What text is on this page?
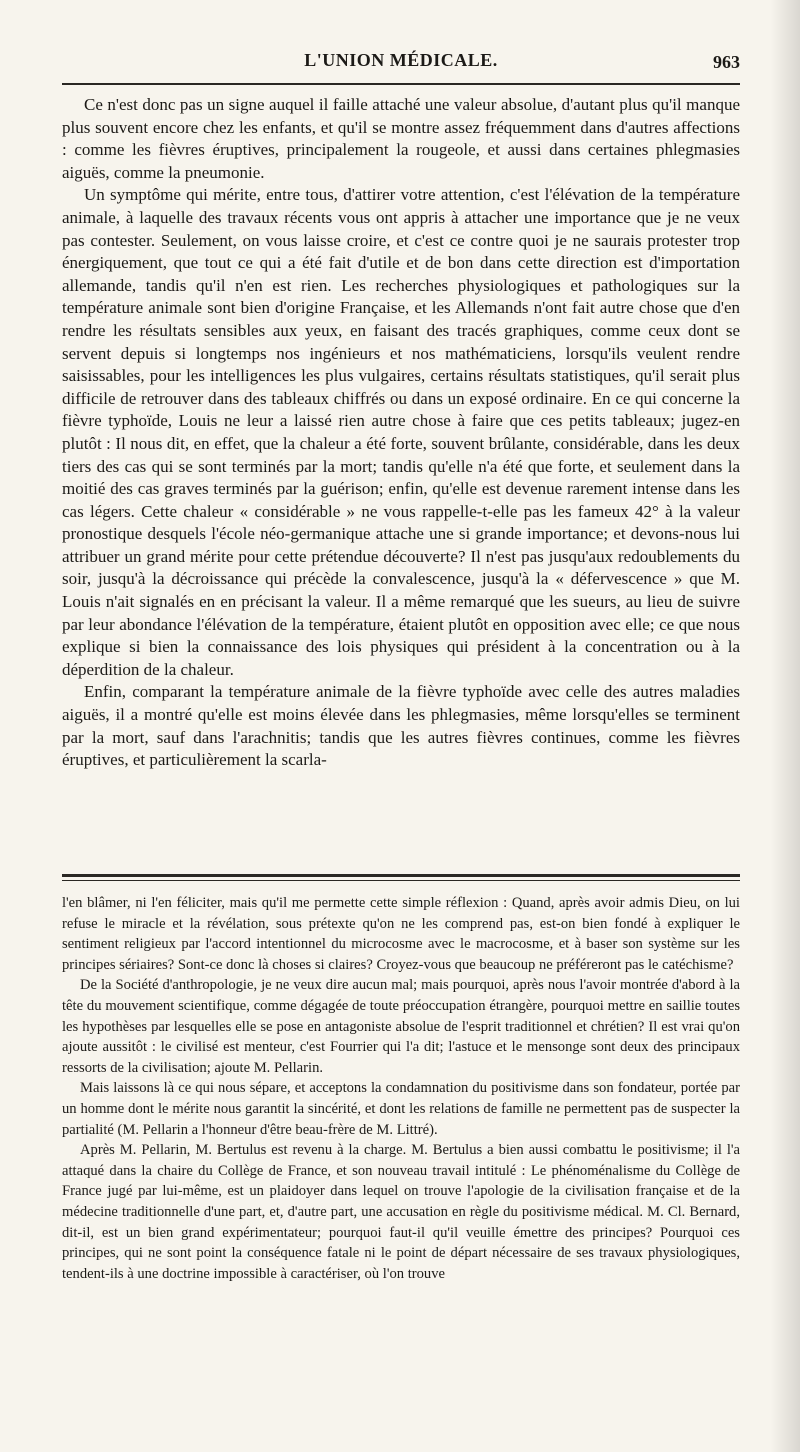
L'UNION MÉDICALE.	963

Ce n'est donc pas un signe auquel il faille attaché une valeur absolue, d'autant plus qu'il manque plus souvent encore chez les enfants, et qu'il se montre assez fréquemment dans d'autres affections : comme les fièvres éruptives, principalement la rougeole, et aussi dans certaines phlegmasies aiguës, comme la pneumonie.

Un symptôme qui mérite, entre tous, d'attirer votre attention, c'est l'élévation de la température animale, à laquelle des travaux récents vous ont appris à attacher une importance que je ne veux pas contester. Seulement, on vous laisse croire, et c'est ce contre quoi je ne saurais protester trop énergiquement, que tout ce qui a été fait d'utile et de bon dans cette direction est d'importation allemande, tandis qu'il n'en est rien. Les recherches physiologiques et pathologiques sur la température animale sont bien d'origine Française, et les Allemands n'ont fait autre chose que d'en rendre les résultats sensibles aux yeux, en faisant des tracés graphiques, comme ceux dont se servent depuis si longtemps nos ingénieurs et nos mathématiciens, lorsqu'ils veulent rendre saisissables, pour les intelligences les plus vulgaires, certains résultats statistiques, qu'il serait plus difficile de retrouver dans des tableaux chiffrés ou dans un exposé ordinaire. En ce qui concerne la fièvre typhoïde, Louis ne leur a laissé rien autre chose à faire que ces petits tableaux; jugez-en plutôt : Il nous dit, en effet, que la chaleur a été forte, souvent brûlante, considérable, dans les deux tiers des cas qui se sont terminés par la mort; tandis qu'elle n'a été que forte, et seulement dans la moitié des cas graves terminés par la guérison; enfin, qu'elle est devenue rarement intense dans les cas légers. Cette chaleur « considérable » ne vous rappelle-t-elle pas les fameux 42° à la valeur pronostique desquels l'école néo-germanique attache une si grande importance; et devons-nous lui attribuer un grand mérite pour cette prétendue découverte? Il n'est pas jusqu'aux redoublements du soir, jusqu'à la décroissance qui précède la convalescence, jusqu'à la « défervescence » que M. Louis n'ait signalés en en précisant la valeur. Il a même remarqué que les sueurs, au lieu de suivre par leur abondance l'élévation de la température, étaient plutôt en opposition avec elle; ce que nous explique si bien la connaissance des lois physiques qui président à la concentration ou à la déperdition de la chaleur.

Enfin, comparant la température animale de la fièvre typhoïde avec celle des autres maladies aiguës, il a montré qu'elle est moins élevée dans les phlegmasies, même lorsqu'elles se terminent par la mort, sauf dans l'arachnitis; tandis que les autres fièvres continues, comme les fièvres éruptives, et particulièrement la scarla-

l'en blâmer, ni l'en féliciter, mais qu'il me permette cette simple réflexion : Quand, après avoir admis Dieu, on lui refuse le miracle et la révélation, sous prétexte qu'on ne les comprend pas, est-on bien fondé à expliquer le sentiment religieux par l'accord intentionnel du microcosme avec le macrocosme, et à baser son système sur les principes sériaires? Sont-ce donc là choses si claires? Croyez-vous que beaucoup ne préféreront pas le catéchisme?

De la Société d'anthropologie, je ne veux dire aucun mal; mais pourquoi, après nous l'avoir montrée d'abord à la tête du mouvement scientifique, comme dégagée de toute préoccupation étrangère, pourquoi mettre en saillie toutes les hypothèses par lesquelles elle se pose en antagoniste absolue de l'esprit traditionnel et chrétien? Il est vrai qu'on ajoute aussitôt : le civilisé est menteur, c'est Fourrier qui l'a dit; l'astuce et le mensonge sont deux des principaux ressorts de la civilisation; ajoute M. Pellarin.

Mais laissons là ce qui nous sépare, et acceptons la condamnation du positivisme dans son fondateur, portée par un homme dont le mérite nous garantit la sincérité, et dont les relations de famille ne permettent pas de suspecter la partialité (M. Pellarin a l'honneur d'être beau-frère de M. Littré).

Après M. Pellarin, M. Bertulus est revenu à la charge. M. Bertulus a bien aussi combattu le positivisme; il l'a attaqué dans la chaire du Collège de France, et son nouveau travail intitulé : Le phénoménalisme du Collège de France jugé par lui-même, est un plaidoyer dans lequel on trouve l'apologie de la civilisation française et de la médecine traditionnelle d'une part, et, d'autre part, une accusation en règle du positivisme médical. M. Cl. Bernard, dit-il, est un bien grand expérimentateur; pourquoi faut-il qu'il veuille émettre des principes? Pourquoi ces principes, qui ne sont point la conséquence fatale ni le point de départ nécessaire de ses travaux physiologiques, tendent-ils à une doctrine impossible à caractériser, où l'on trouve
